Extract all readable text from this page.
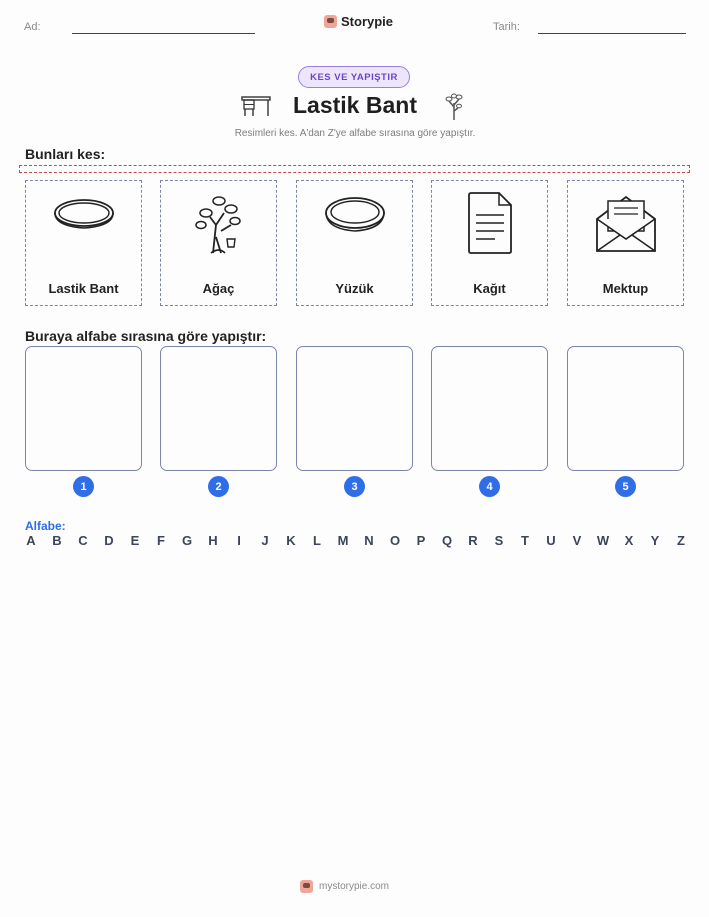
Ad:	Storypie	Tarih:
KES VE YAPIŞTIR
Lastik Bant
Resimleri kes. A'dan Z'ye alfabe sırasına göre yapıştır.
Bunları kes:
Lastik Bant	Ağaç	Yüzük	Kağıt	Mektup
Buraya alfabe sırasına göre yapıştır:
1	2	3	4	5
Alfabe:
A B C D E F G H	I	J K L M N O P Q R S T U V W X Y Z
mystorypie.com
